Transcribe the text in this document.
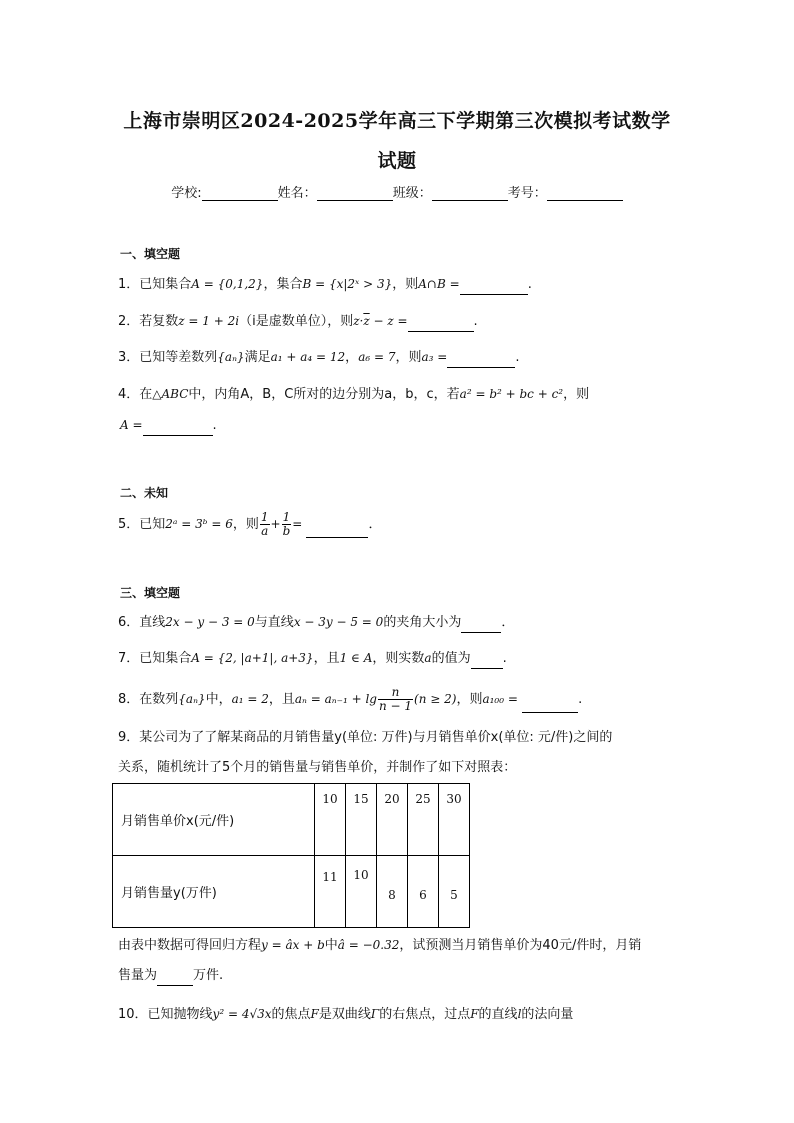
上海市崇明区2024-2025学年高三下学期第三次模拟考试数学
试题
学校:	姓名：	班级：	考号：
一、填空题
1．已知集合A = {0,1,2}，集合B = {x|2ˣ > 3}，则A∩B =	.
2．若复数z = 1 + 2i（i是虚数单位），则$z\cdot\overline{z} - z$ =	.
3．已知等差数列{aₙ}满足a₁ + a₄ = 12，a₆ = 7，则a₃ =	.
4．在△ABC中，内角A，B，C所对的边分别为a，b，c，若a² = b² + bc + c²，则
A =	.
二、未知
5．已知2ᵃ = 3ᵇ = 6，则 $\frac{1}{a} + \frac{1}{b}$ =	．
三、填空题
6．直线2x − y − 3 = 0与直线x − 3y − 5 = 0的夹角大小为	．
7．已知集合A = {2, |a+1|, a+3}，且1 ∈ A，则实数a的值为 .
8．在数列{aₙ}中，a₁ = 2，且$a_n = a_{n-1} + \lg \frac{n}{n - 1} (n \ge 2)$，则a₁₀₀ =	.
9．某公司为了了解某商品的月销售量y(单位: 万件)与月销售单价x(单位: 元/件)之间的
关系，随机统计了5个月的销售量与销售单价，并制作了如下对照表：
月销售单价x(元/件)	10	15	20	25	30
月销售量y(万件)	11	10	8	6	5
由表中数据可得回归方程y = âx + b中â = −0.32，试预测当月销售单价为40元/件时，月销
售量为	万件.
10．已知抛物线y² = 4√3x的焦点F是双曲线Γ的右焦点，过点F的直线l的法向量
